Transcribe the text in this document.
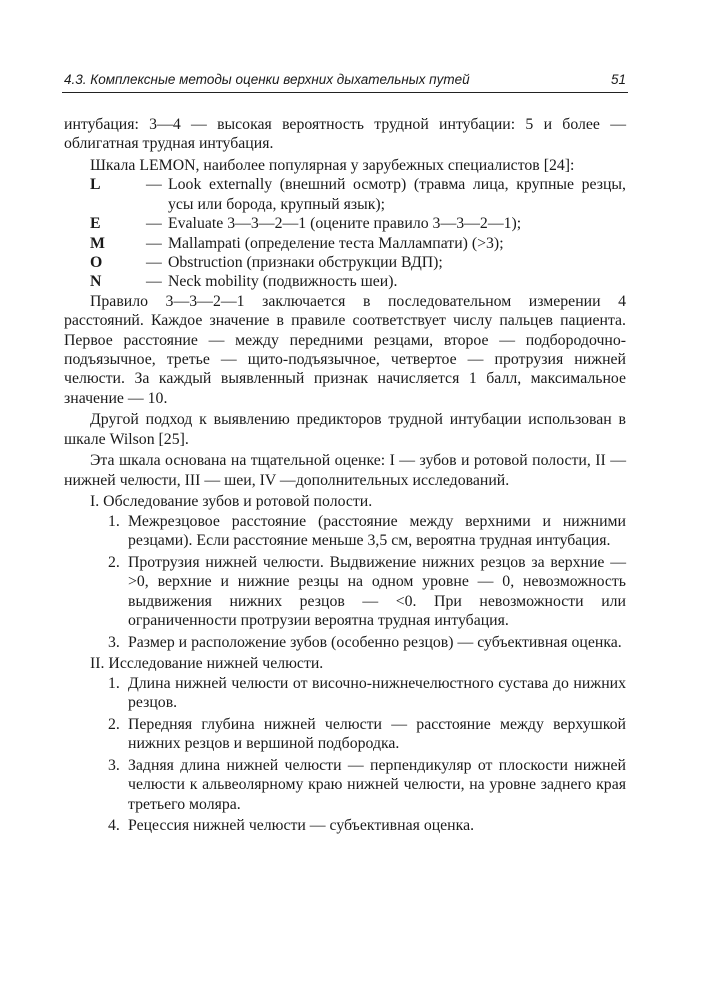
4.3. Комплексные методы оценки верхних дыхательных путей	51

интубация: 3—4 — высокая вероятность трудной интубации: 5 и более — облигатная трудная интубация.

Шкала LEMON, наиболее популярная у зарубежных специалистов [24]:

L	— Look externally (внешний осмотр) (травма лица, крупные резцы, усы или борода, крупный язык);
E	— Evaluate 3—3—2—1 (оцените правило 3—3—2—1);
M	— Mallampati (определение теста Маллампати) (>3);
O	— Obstruction (признаки обструкции ВДП);
N	— Neck mobility (подвижность шеи).

Правило 3—3—2—1 заключается в последовательном измерении 4 расстояний. Каждое значение в правиле соответствует числу пальцев пациента. Первое расстояние — между передними резцами, второе — подбородочно-подъязычное, третье — щито-подъязычное, четвертое — протрузия нижней челюсти. За каждый выявленный признак начисляется 1 балл, максимальное значение — 10.

Другой подход к выявлению предикторов трудной интубации использован в шкале Wilson [25].

Эта шкала основана на тщательной оценке: I — зубов и ротовой полости, II — нижней челюсти, III — шеи, IV —дополнительных исследований.

I. Обследование зубов и ротовой полости.

1. Межрезцовое расстояние (расстояние между верхними и нижними резцами). Если расстояние меньше 3,5 см, вероятна трудная интубация.
2. Протрузия нижней челюсти. Выдвижение нижних резцов за верхние — >0, верхние и нижние резцы на одном уровне — 0, невозможность выдвижения нижних резцов — <0. При невозможности или ограниченности протрузии вероятна трудная интубация.
3. Размер и расположение зубов (особенно резцов) — субъективная оценка.

II. Исследование нижней челюсти.

1. Длина нижней челюсти от височно-нижнечелюстного сустава до нижних резцов.
2. Передняя глубина нижней челюсти — расстояние между верхушкой нижних резцов и вершиной подбородка.
3. Задняя длина нижней челюсти — перпендикуляр от плоскости нижней челюсти к альвеолярному краю нижней челюсти, на уровне заднего края третьего моляра.
4. Рецессия нижней челюсти — субъективная оценка.
